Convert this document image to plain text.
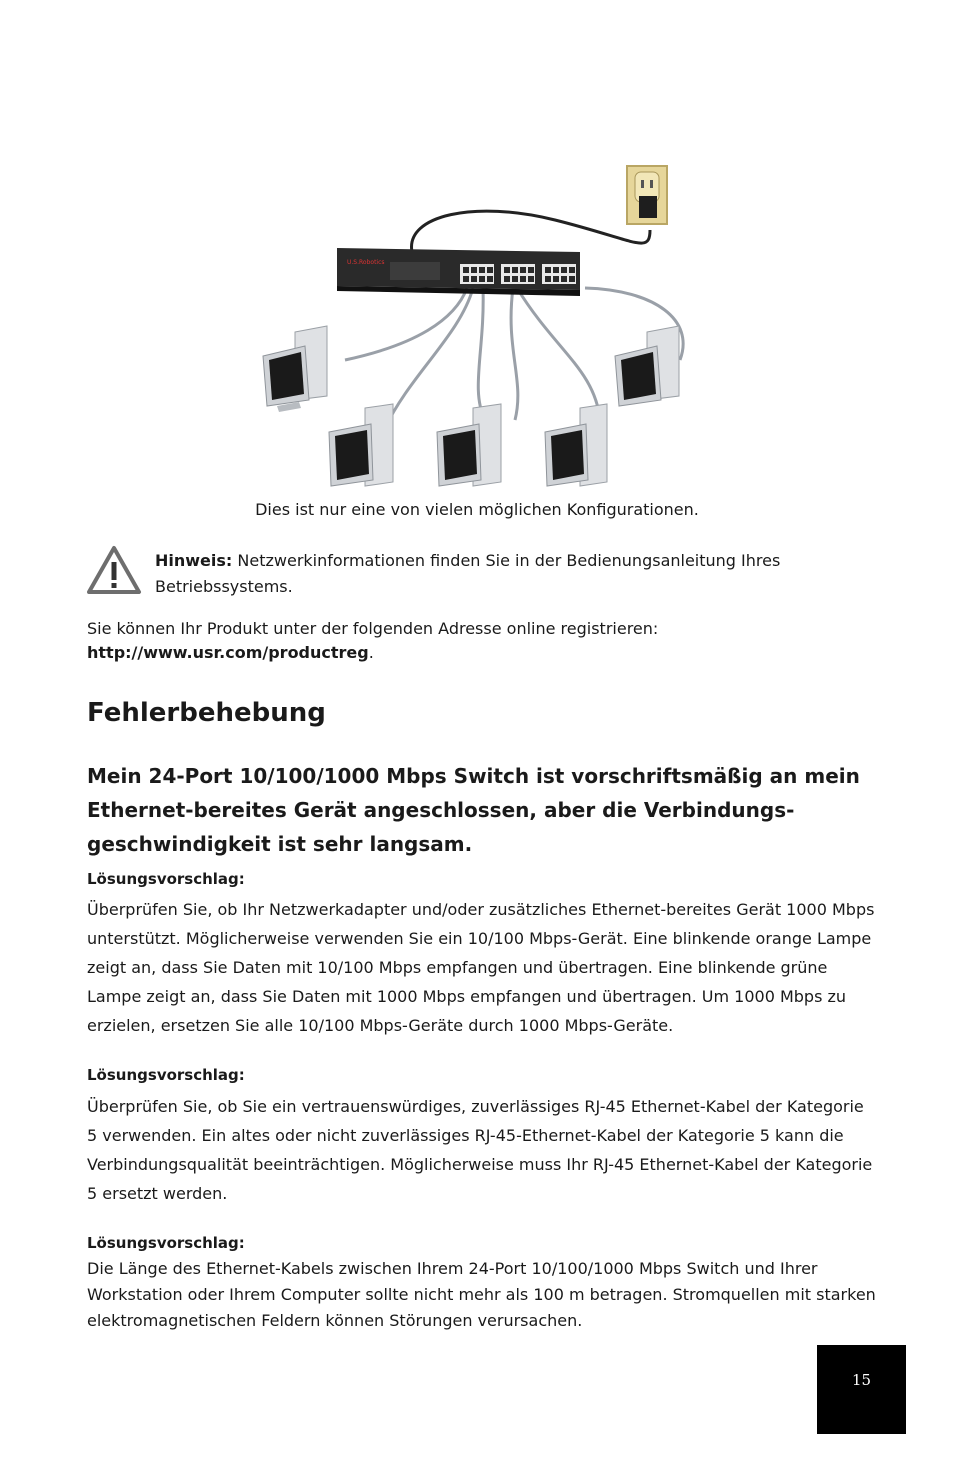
U.S.Robotics
Dies ist nur eine von vielen möglichen Konfigurationen.
Hinweis: Netzwerkinformationen finden Sie in der Bedienungsanleitung Ihres Betriebssystems.
Sie können Ihr Produkt unter der folgenden Adresse online registrieren:
http://www.usr.com/productreg.
Fehlerbehebung
Mein 24-Port 10/100/1000 Mbps Switch ist vorschriftsmäßig an mein Ethernet-bereites Gerät angeschlossen, aber die Verbindungs-geschwindigkeit ist sehr langsam.
Lösungsvorschlag:
Überprüfen Sie, ob Ihr Netzwerkadapter und/oder zusätzliches Ethernet-bereites Gerät 1000 Mbps unterstützt. Möglicherweise verwenden Sie ein 10/100 Mbps-Gerät. Eine blinkende orange Lampe zeigt an, dass Sie Daten mit 10/100 Mbps empfangen und übertragen. Eine blinkende grüne Lampe zeigt an, dass Sie Daten mit 1000 Mbps empfangen und übertragen. Um 1000 Mbps zu erzielen, ersetzen Sie alle 10/100 Mbps-Geräte durch 1000 Mbps-Geräte.
Lösungsvorschlag:
Überprüfen Sie, ob Sie ein vertrauenswürdiges, zuverlässiges RJ-45 Ethernet-Kabel der Kategorie 5 verwenden. Ein altes oder nicht zuverlässiges RJ-45-Ethernet-Kabel der Kategorie 5 kann die Verbindungsqualität beeinträchtigen. Möglicherweise muss Ihr RJ-45 Ethernet-Kabel der Kategorie 5 ersetzt werden.
Lösungsvorschlag:
Die Länge des Ethernet-Kabels zwischen Ihrem 24-Port 10/100/1000 Mbps Switch und Ihrer Workstation oder Ihrem Computer sollte nicht mehr als 100 m betragen. Stromquellen mit starken elektromagnetischen Feldern können Störungen verursachen.
15
